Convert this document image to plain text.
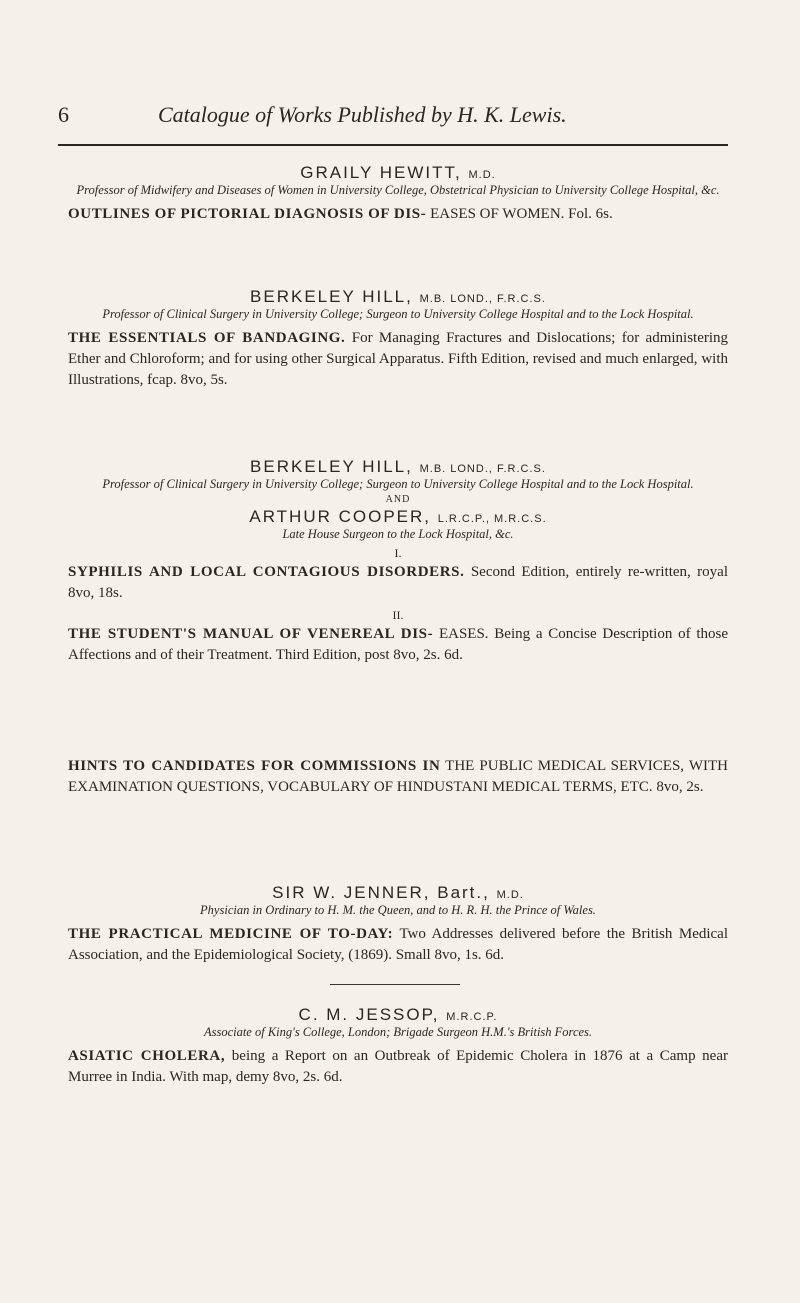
6	Catalogue of Works Published by H. K. Lewis.
GRAILY HEWITT, M.D.
Professor of Midwifery and Diseases of Women in University College, Obstetrical Physician to University College Hospital, &c.
OUTLINES OF PICTORIAL DIAGNOSIS OF DIS- EASES OF WOMEN. Fol. 6s.
BERKELEY HILL, M.B. LOND., F.R.C.S.
Professor of Clinical Surgery in University College; Surgeon to University College Hospital and to the Lock Hospital.
THE ESSENTIALS OF BANDAGING. For Managing Fractures and Dislocations; for administering Ether and Chloroform; and for using other Surgical Apparatus. Fifth Edition, revised and much enlarged, with Illustrations, fcap. 8vo, 5s.
BERKELEY HILL, M.B. LOND., F.R.C.S.
Professor of Clinical Surgery in University College; Surgeon to University College Hospital and to the Lock Hospital.
AND
ARTHUR COOPER, L.R.C.P., M.R.C.S.
Late House Surgeon to the Lock Hospital, &c.
I.
SYPHILIS AND LOCAL CONTAGIOUS DISORDERS. Second Edition, entirely re-written, royal 8vo, 18s.
II.
THE STUDENT'S MANUAL OF VENEREAL DIS- EASES. Being a Concise Description of those Affections and of their Treatment. Third Edition, post 8vo, 2s. 6d.
HINTS TO CANDIDATES FOR COMMISSIONS IN THE PUBLIC MEDICAL SERVICES, WITH EXAMINATION QUESTIONS, VOCABULARY OF HINDUSTANI MEDICAL TERMS, ETC. 8vo, 2s.
SIR W. JENNER, Bart., M.D.
Physician in Ordinary to H. M. the Queen, and to H. R. H. the Prince of Wales.
THE PRACTICAL MEDICINE OF TO-DAY: Two Addresses delivered before the British Medical Association, and the Epidemiological Society, (1869). Small 8vo, 1s. 6d.
C. M. JESSOP, M.R.C.P.
Associate of King's College, London; Brigade Surgeon H.M.'s British Forces.
ASIATIC CHOLERA, being a Report on an Outbreak of Epidemic Cholera in 1876 at a Camp near Murree in India. With map, demy 8vo, 2s. 6d.
